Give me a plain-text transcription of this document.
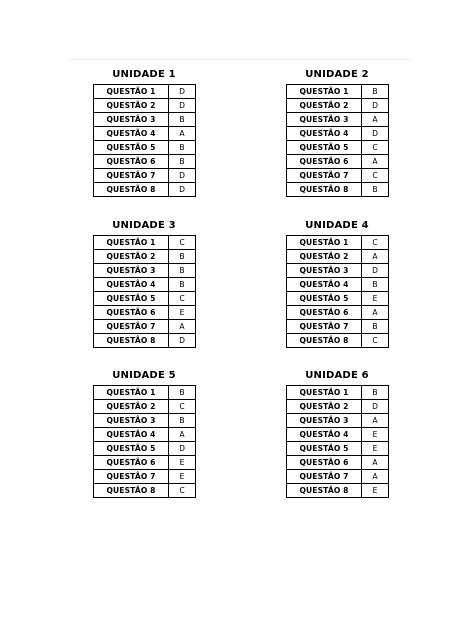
UNIDADE 1
QUESTÃO 1	D
QUESTÃO 2	D
QUESTÃO 3	B
QUESTÃO 4	A
QUESTÃO 5	B
QUESTÃO 6	B
QUESTÃO 7	D
QUESTÃO 8	D
UNIDADE 2
QUESTÃO 1	B
QUESTÃO 2	D
QUESTÃO 3	A
QUESTÃO 4	D
QUESTÃO 5	C
QUESTÃO 6	A
QUESTÃO 7	C
QUESTÃO 8	B
UNIDADE 3
QUESTÃO 1	C
QUESTÃO 2	B
QUESTÃO 3	B
QUESTÃO 4	B
QUESTÃO 5	C
QUESTÃO 6	E
QUESTÃO 7	A
QUESTÃO 8	D
UNIDADE 4
QUESTÃO 1	C
QUESTÃO 2	A
QUESTÃO 3	D
QUESTÃO 4	B
QUESTÃO 5	E
QUESTÃO 6	A
QUESTÃO 7	B
QUESTÃO 8	C
UNIDADE 5
QUESTÃO 1	B
QUESTÃO 2	C
QUESTÃO 3	B
QUESTÃO 4	A
QUESTÃO 5	D
QUESTÃO 6	E
QUESTÃO 7	E
QUESTÃO 8	C
UNIDADE 6
QUESTÃO 1	B
QUESTÃO 2	D
QUESTÃO 3	A
QUESTÃO 4	E
QUESTÃO 5	E
QUESTÃO 6	A
QUESTÃO 7	A
QUESTÃO 8	E
